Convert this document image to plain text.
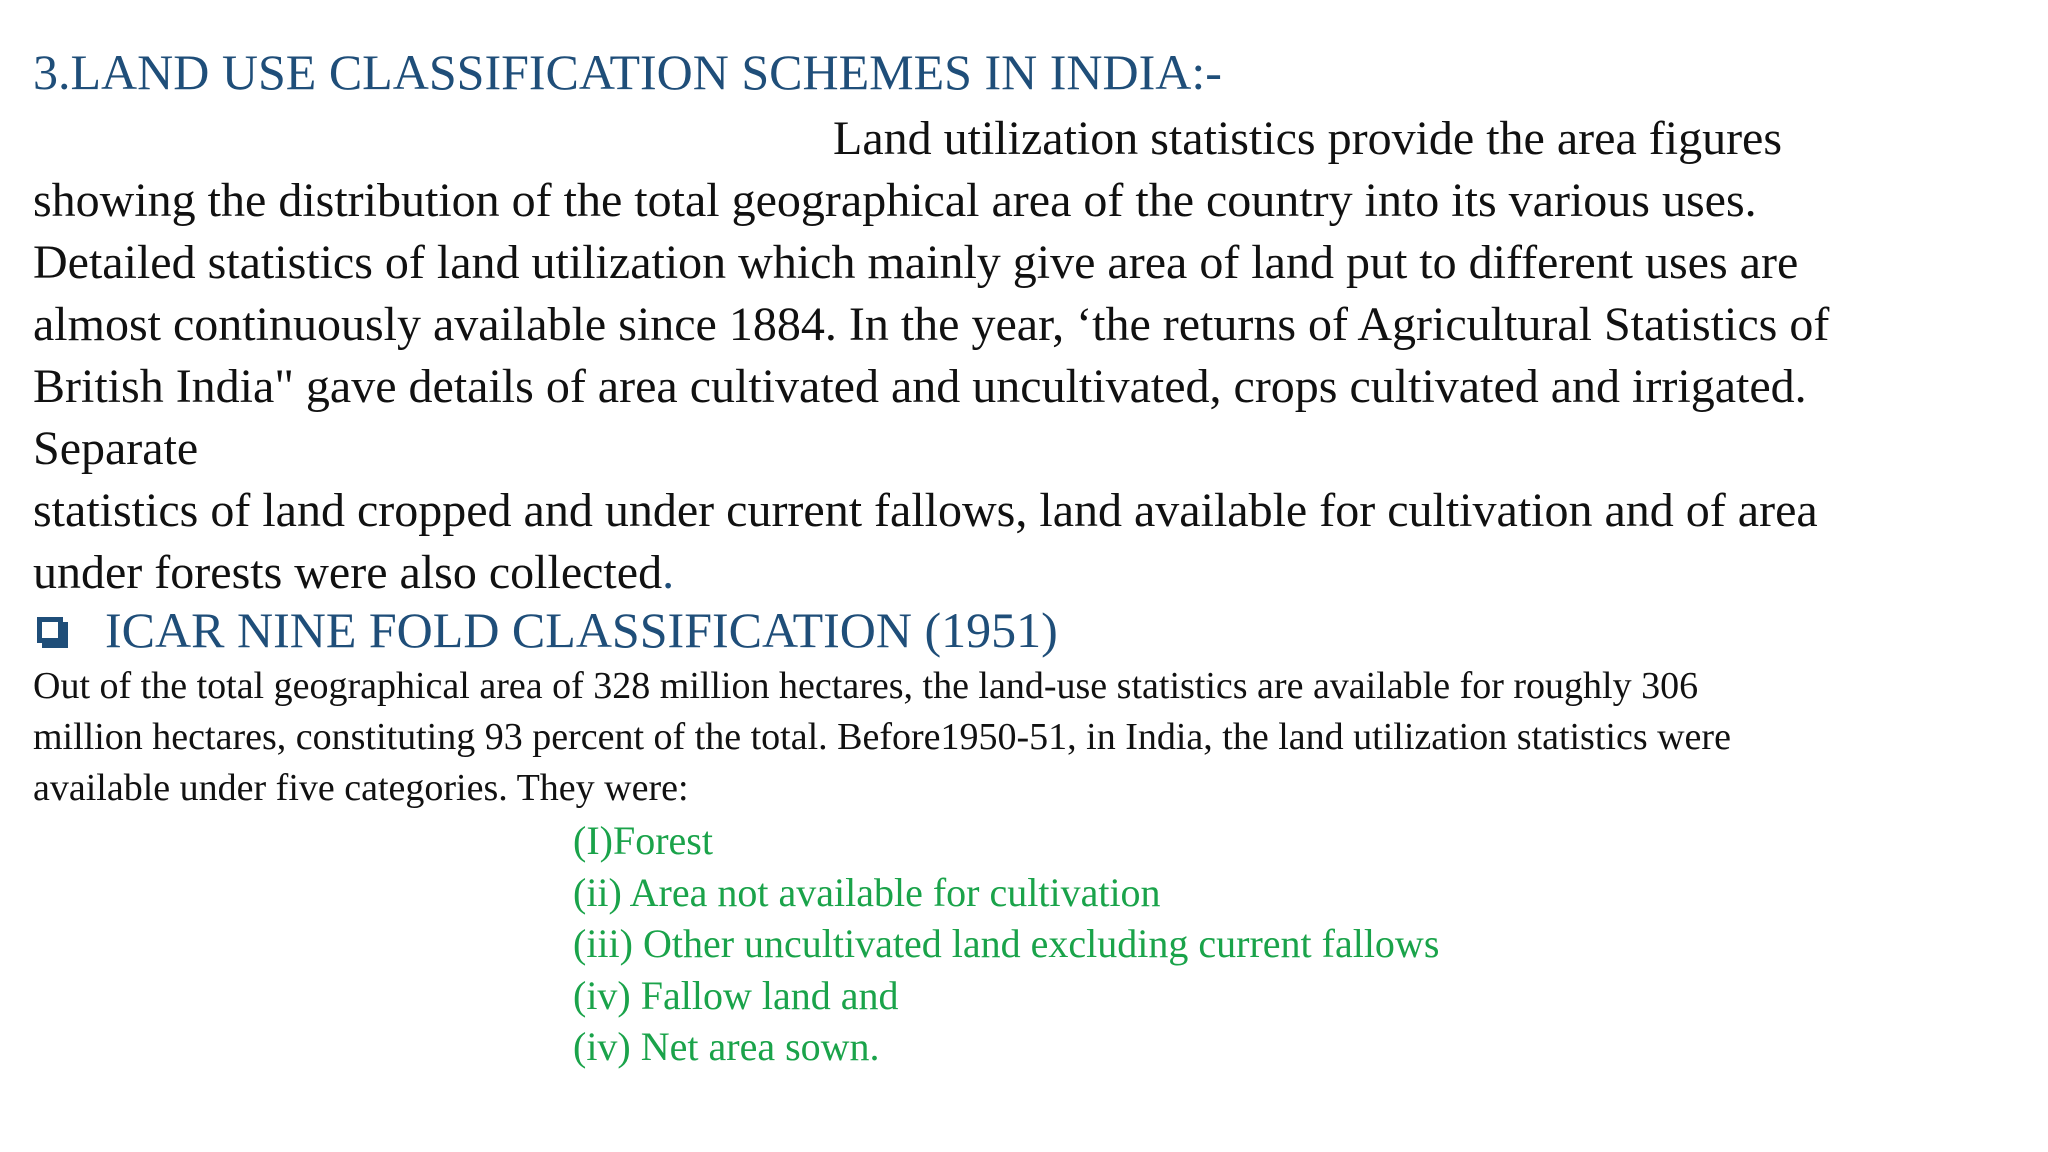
3.LAND USE CLASSIFICATION SCHEMES IN INDIA:-
Land utilization statistics provide the area figures
showing the distribution of the total geographical area of the country into its various uses.
Detailed statistics of land utilization which mainly give area of land put to different uses are
almost continuously available since 1884. In the year, ‘the returns of Agricultural Statistics of
British India" gave details of area cultivated and uncultivated, crops cultivated and irrigated.
Separate
statistics of land cropped and under current fallows, land available for cultivation and of area
under forests were also collected.
ICAR NINE FOLD CLASSIFICATION (1951)
Out of the total geographical area of 328 million hectares, the land-use statistics are available for roughly 306
million hectares, constituting 93 percent of the total. Before1950-51, in India, the land utilization statistics were
available under five categories. They were:
(I)Forest
(ii) Area not available for cultivation
(iii) Other uncultivated land excluding current fallows
(iv) Fallow land and
(iv) Net area sown.
